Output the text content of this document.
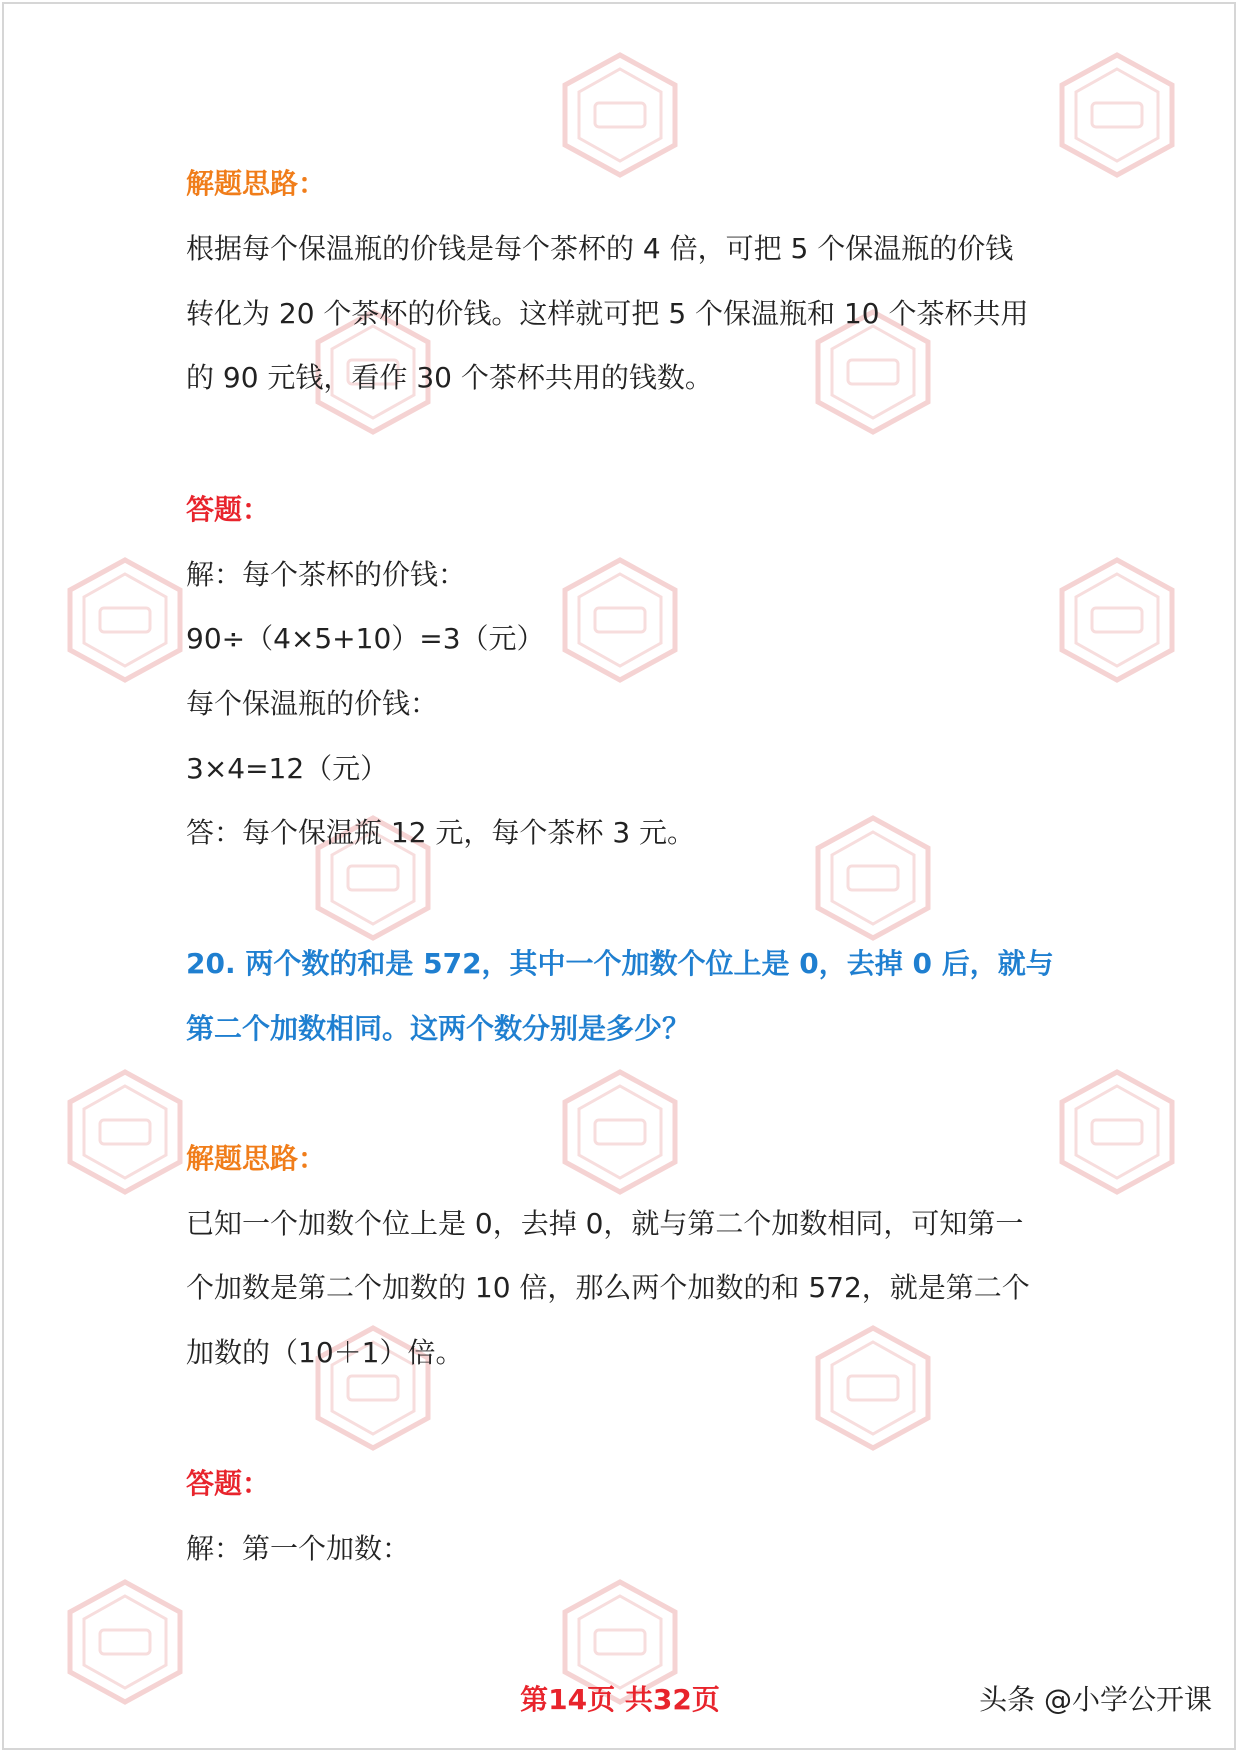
解题思路：
根据每个保温瓶的价钱是每个茶杯的 4 倍，可把 5 个保温瓶的价钱
转化为 20 个茶杯的价钱。这样就可把 5 个保温瓶和 10 个茶杯共用
的 90 元钱，看作 30 个茶杯共用的钱数。
答题：
解：每个茶杯的价钱：
90÷（4×5+10）=3（元）
每个保温瓶的价钱：
3×4=12（元）
答：每个保温瓶 12 元，每个茶杯 3 元。
20. 两个数的和是 572，其中一个加数个位上是 0，去掉 0 后，就与
第二个加数相同。这两个数分别是多少？
解题思路：
已知一个加数个位上是 0，去掉 0，就与第二个加数相同，可知第一
个加数是第二个加数的 10 倍，那么两个加数的和 572，就是第二个
加数的（10＋1）倍。
答题：
解：第一个加数：
第14页 共32页	头条 @小学公开课
